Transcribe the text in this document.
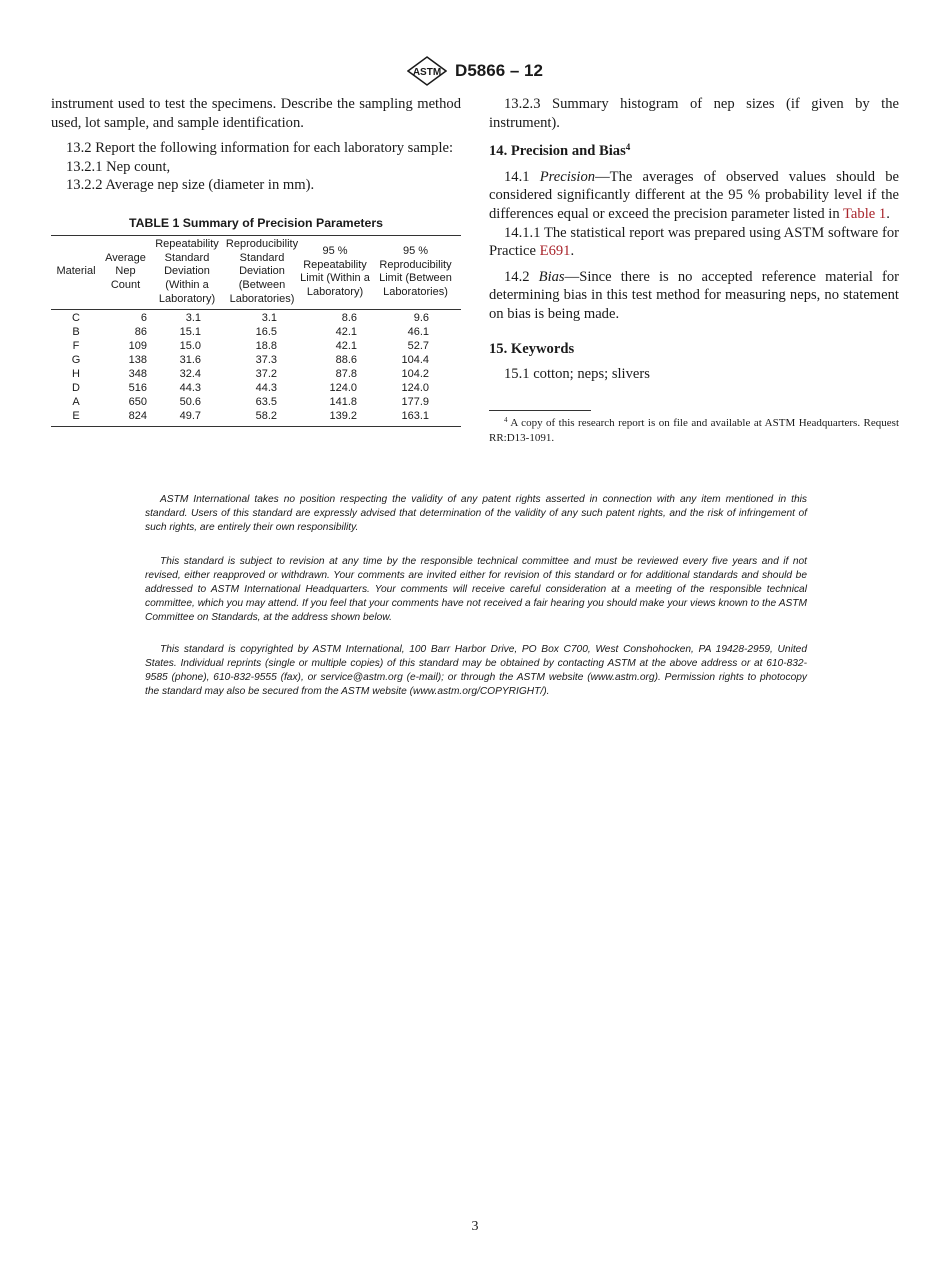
ASTM D5866 – 12

instrument used to test the specimens. Describe the sampling method used, lot sample, and sample identification.

13.2 Report the following information for each laboratory sample:

13.2.1 Nep count,

13.2.2 Average nep size (diameter in mm).

TABLE 1 Summary of Precision Parameters
Material	Average Nep Count	Repeatability Standard Deviation (Within a Laboratory)	Reproducibility Standard Deviation (Between Laboratories)	95 % Repeatability Limit (Within a Laboratory)	95 % Reproducibility Limit (Between Laboratories)
C	6	3.1	3.1	8.6	9.6
B	86	15.1	16.5	42.1	46.1
F	109	15.0	18.8	42.1	52.7
G	138	31.6	37.3	88.6	104.4
H	348	32.4	37.2	87.8	104.2
D	516	44.3	44.3	124.0	124.0
A	650	50.6	63.5	141.8	177.9
E	824	49.7	58.2	139.2	163.1

13.2.3 Summary histogram of nep sizes (if given by the instrument).

14. Precision and Bias$^4$

14.1 Precision—The averages of observed values should be considered significantly different at the 95 % probability level if the differences equal or exceed the precision parameter listed in Table 1.

14.1.1 The statistical report was prepared using ASTM software for Practice E691.

14.2 Bias—Since there is no accepted reference material for determining bias in this test method for measuring neps, no statement on bias is being made.

15. Keywords

15.1 cotton; neps; slivers

$^4$ A copy of this research report is on file and available at ASTM Headquarters. Request RR:D13-1091.

ASTM International takes no position respecting the validity of any patent rights asserted in connection with any item mentioned in this standard. Users of this standard are expressly advised that determination of the validity of any such patent rights, and the risk of infringement of such rights, are entirely their own responsibility.

This standard is subject to revision at any time by the responsible technical committee and must be reviewed every five years and if not revised, either reapproved or withdrawn. Your comments are invited either for revision of this standard or for additional standards and should be addressed to ASTM International Headquarters. Your comments will receive careful consideration at a meeting of the responsible technical committee, which you may attend. If you feel that your comments have not received a fair hearing you should make your views known to the ASTM Committee on Standards, at the address shown below.

This standard is copyrighted by ASTM International, 100 Barr Harbor Drive, PO Box C700, West Conshohocken, PA 19428-2959, United States. Individual reprints (single or multiple copies) of this standard may be obtained by contacting ASTM at the above address or at 610-832-9585 (phone), 610-832-9555 (fax), or service@astm.org (e-mail); or through the ASTM website (www.astm.org). Permission rights to photocopy the standard may also be secured from the ASTM website (www.astm.org/COPYRIGHT/).

3
